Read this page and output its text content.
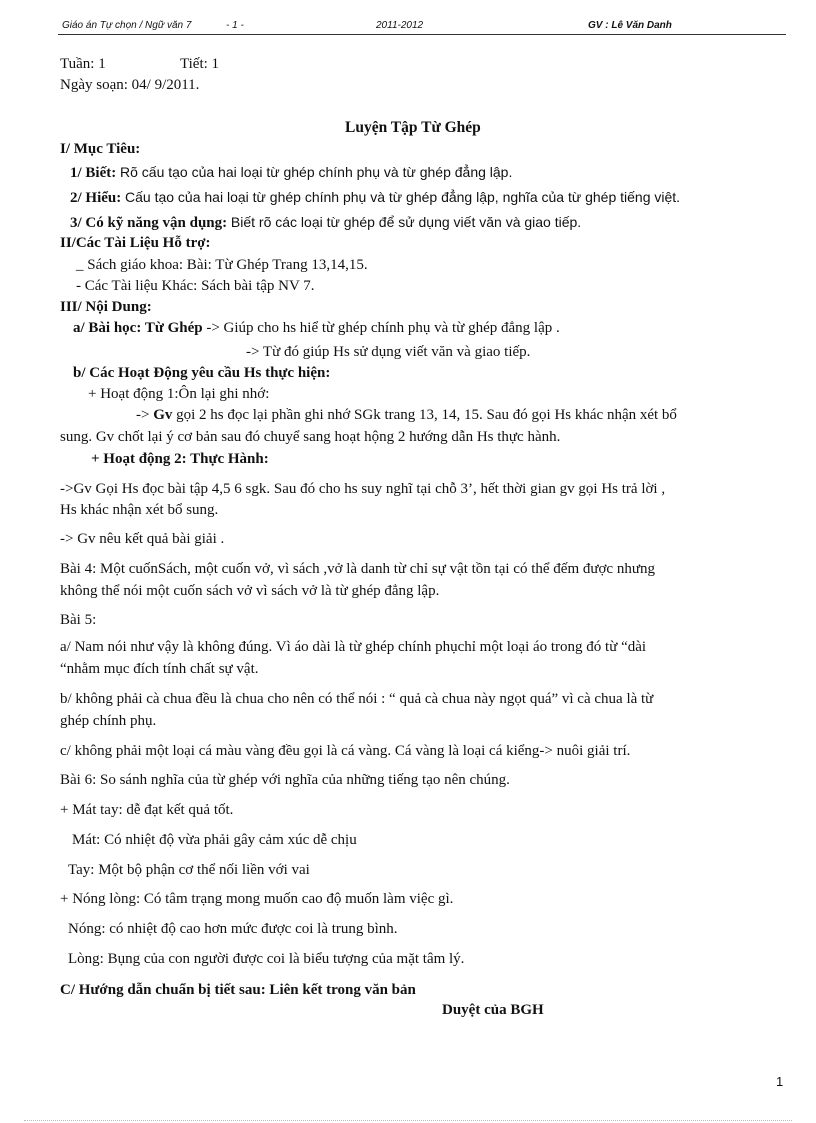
Giáo án Tự chọn / Ngữ văn 7	- 1 -	2011-2012	GV : Lê Văn Danh
Tuần: 1	Tiết: 1
Ngày soạn: 04/ 9/2011.
Luyện Tập Từ Ghép
I/ Mục Tiêu:
1/ Biết: Rõ cấu tạo của hai loại từ ghép chính phụ và từ ghép đẳng lập.
2/ Hiểu: Cấu tạo của hai loại từ ghép chính phụ và từ ghép đẳng lập, nghĩa của từ ghép tiếng việt.
3/ Có kỹ năng vận dụng: Biết rõ các loại từ ghép để sử dụng viết văn và giao tiếp.
II/Các Tài Liệu Hỗ trợ:
_ Sách giáo khoa: Bài: Từ Ghép Trang 13,14,15.
- Các Tài liệu Khác: Sách bài tập NV 7.
III/ Nội Dung:
a/ Bài học: Từ Ghép -> Giúp cho hs hiể từ ghép chính phụ và từ ghép đẳng lập .
-> Từ đó giúp Hs sử dụng viết văn và giao tiếp.
b/ Các Hoạt Động yêu cầu Hs thực hiện:
+ Hoạt động 1:Ôn lại ghi nhớ:
-> Gv gọi 2 hs đọc lại phần ghi nhớ SGk trang 13, 14, 15. Sau đó gọi Hs khác nhận xét bổ
sung. Gv chốt lại ý cơ bản sau đó chuyể sang hoạt hộng 2 hướng dẫn Hs thực hành.
+ Hoạt động 2: Thực Hành:
->Gv Gọi Hs đọc bài tập 4,5 6 sgk. Sau đó cho hs suy nghĩ tại chỗ 3’, hết thời gian gv gọi Hs trả lời ,
Hs khác nhận xét bổ sung.
-> Gv nêu kết quả bài giải .
Bài 4: Một cuốnSách, một cuốn vở, vì sách ,vở là danh từ chỉ sự vật tồn tại có thể đếm được nhưng
không thể nói một cuốn sách vở vì sách vở là từ ghép đẳng lập.
Bài 5:
a/ Nam nói như vậy là không đúng. Vì áo dài là từ ghép chính phụchỉ một loại áo trong đó từ “dài
“nhằm mục đích tính chất sự vật.
b/ không phải cà chua đều là chua cho nên có thể nói : “ quả cà chua này ngọt quá” vì cà chua là từ
ghép chính phụ.
c/ không phải một loại cá màu vàng đều gọi là cá vàng. Cá vàng là loại cá kiểng-> nuôi giải trí.
Bài 6: So sánh nghĩa của từ ghép với nghĩa của những tiếng tạo nên chúng.
+ Mát tay: dễ đạt kết quả tốt.
Mát: Có nhiệt độ vừa phải gây cảm xúc dễ chịu
Tay: Một bộ phận cơ thể nối liền với vai
+ Nóng lòng: Có tâm trạng mong muốn cao độ muốn làm việc gì.
Nóng: có nhiệt độ cao hơn mức được coi là trung bình.
Lòng: Bụng của con người được coi là biểu tượng của mặt tâm lý.
C/ Hướng dẫn chuẩn bị tiết sau: Liên kết trong văn bản
Duyệt của BGH
1
